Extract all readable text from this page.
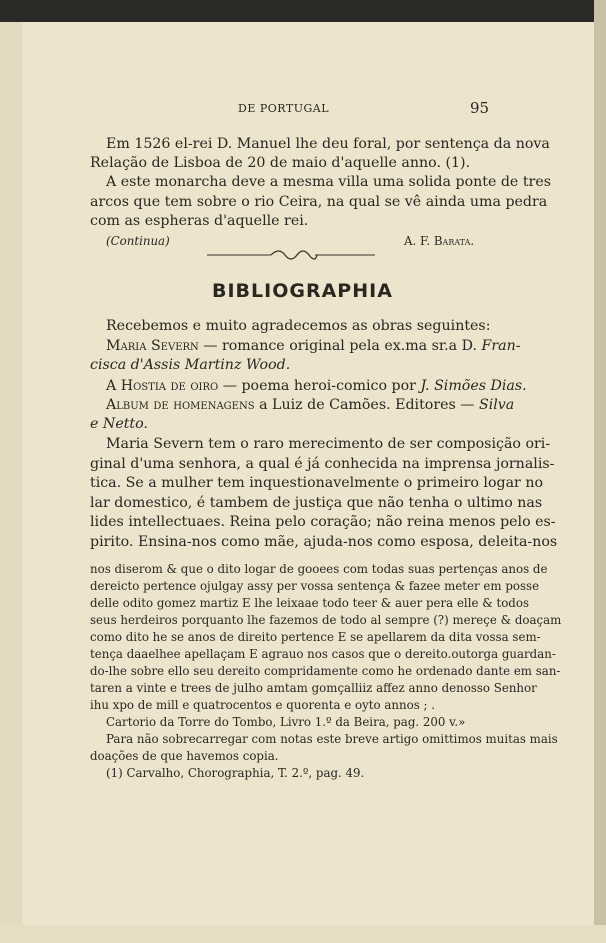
DE PORTUGAL	95
Em 1526 el-rei D. Manuel lhe deu foral, por sentença da nova
Relação de Lisboa de 20 de maio d'aquelle anno. (1).
A este monarcha deve a mesma villa uma solida ponte de tres
arcos que tem sobre o rio Ceira, na qual se vê ainda uma pedra
com as espheras d'aquelle rei.
(Continua)	A. F. Barata.
BIBLIOGRAPHIA
Recebemos e muito agradecemos as obras seguintes:
Maria Severn — romance original pela ex.ma sr.a D. Fran-
cisca d'Assis Martinz Wood.
A Hostia de oiro — poema heroi-comico por J. Simões Dias.
Album de homenagens a Luiz de Camões. Editores — Silva
e Netto.
Maria Severn tem o raro merecimento de ser composição ori-
ginal d'uma senhora, a qual é já conhecida na imprensa jornalis-
tica. Se a mulher tem inquestionavelmente o primeiro logar no
lar domestico, é tambem de justiça que não tenha o ultimo nas
lides intellectuaes. Reina pelo coração; não reina menos pelo es-
pirito. Ensina-nos como mãe, ajuda-nos como esposa, deleita-nos
nos diserom & que o dito logar de gooees com todas suas pertenças anos de
dereicto pertence ojulgay assy per vossa sentença & fazee meter em posse
delle odito gomez martiz E lhe leixaae todo teer & auer pera elle & todos
seus herdeiros porquanto lhe fazemos de todo al sempre (?) mereçe & doaçam
como dito he se anos de direito pertence E se apellarem da dita vossa sem-
tença daaelhee apellaçam E agrauo nos casos que o dereito.outorga guardan-
do-lhe sobre ello seu dereito compridamente como he ordenado dante em san-
taren a vinte e trees de julho amtam gomçalliiz affez anno denosso Senhor
ihu xpo de mill e quatrocentos e quorenta e oyto annos ; .
Cartorio da Torre do Tombo, Livro 1.º da Beira, pag. 200 v.»
Para não sobrecarregar com notas este breve artigo omittimos muitas mais
doações de que havemos copia.
(1) Carvalho, Chorographia, T. 2.º, pag. 49.
